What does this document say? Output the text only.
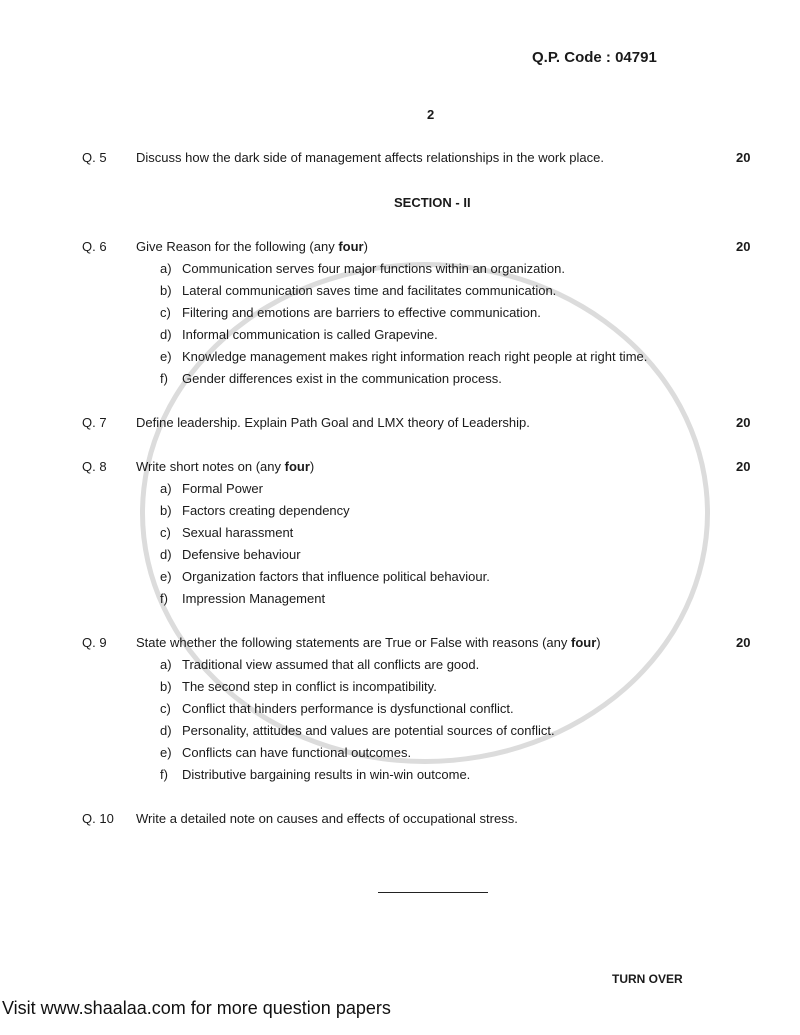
Q.P. Code : 04791
2
Q. 5 Discuss how the dark side of management affects relationships in the work place.	20
SECTION - II
Q. 6 Give Reason for the following (any four)	20
a) Communication serves four major functions within an organization.
b) Lateral communication saves time and facilitates communication.
c) Filtering and emotions are barriers to effective communication.
d) Informal communication is called Grapevine.
e) Knowledge management makes right information reach right people at right time.
f) Gender differences exist in the communication process.
Q. 7 Define leadership. Explain Path Goal and LMX theory of Leadership.	20
Q. 8 Write short notes on (any four)	20
a) Formal Power
b) Factors creating dependency
c) Sexual harassment
d) Defensive behaviour
e) Organization factors that influence political behaviour.
f) Impression Management
Q. 9 State whether the following statements are True or False with reasons (any four)	20
a) Traditional view assumed that all conflicts are good.
b) The second step in conflict is incompatibility.
c) Conflict that hinders performance is dysfunctional conflict.
d) Personality, attitudes and values are potential sources of conflict.
e) Conflicts can have functional outcomes.
f) Distributive bargaining results in win-win outcome.
Q. 10 Write a detailed note on causes and effects of occupational stress.
TURN OVER
Visit www.shaalaa.com for more question papers
